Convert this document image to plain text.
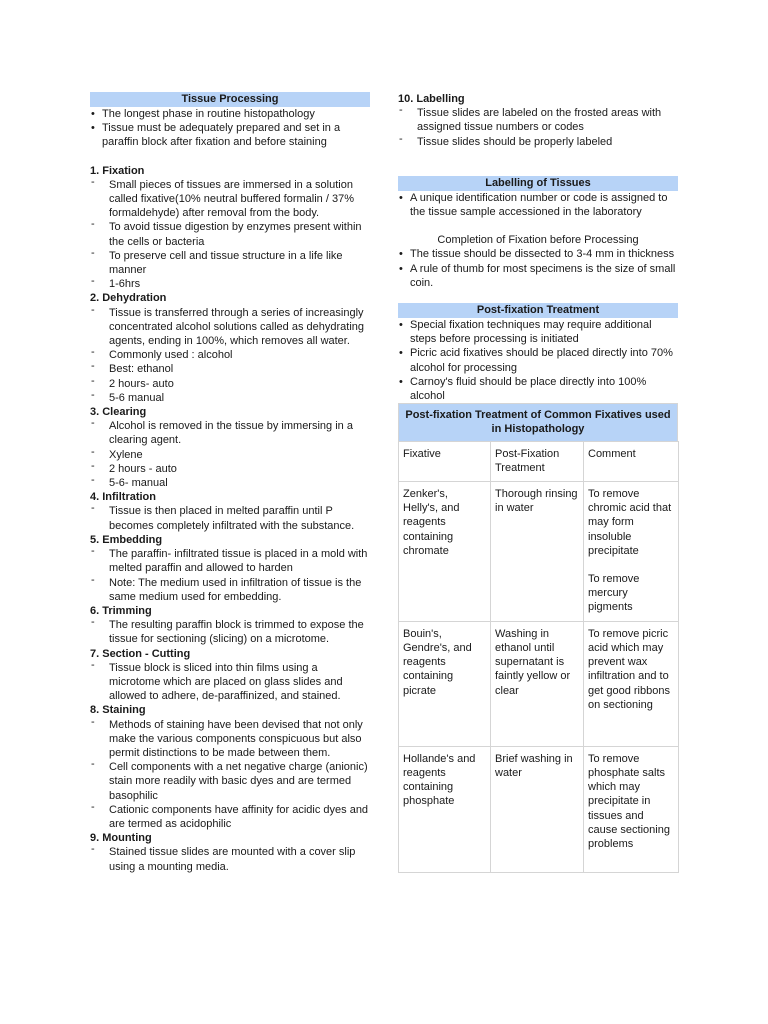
Tissue Processing
• The longest phase in routine histopathology
• Tissue must be adequately prepared and set in a paraffin block after fixation and before staining
1. Fixation
- Small pieces of tissues are immersed in a solution called fixative(10% neutral buffered formalin / 37% formaldehyde) after removal from the body.
- To avoid tissue digestion by enzymes present within the cells or bacteria
- To preserve cell and tissue structure in a life like manner
- 1-6hrs
2. Dehydration
- Tissue is transferred through a series of increasingly concentrated alcohol solutions called as dehydrating agents, ending in 100%, which removes all water.
- Commonly used : alcohol
- Best: ethanol
- 2 hours- auto
- 5-6 manual
3. Clearing
- Alcohol is removed in the tissue by immersing in a clearing agent.
- Xylene
- 2 hours - auto
- 5-6- manual
4. Infiltration
- Tissue is then placed in melted paraffin until P becomes completely infiltrated with the substance.
5. Embedding
- The paraffin- infiltrated tissue is placed in a mold with melted paraffin and allowed to harden
- Note: The medium used in infiltration of tissue is the same medium used for embedding.
6. Trimming
- The resulting paraffin block is trimmed to expose the tissue for sectioning (slicing) on a microtome.
7. Section - Cutting
- Tissue block is sliced into thin films using a microtome which are placed on glass slides and allowed to adhere, de-paraffinized, and stained.
8. Staining
- Methods of staining have been devised that not only make the various components conspicuous but also permit distinctions to be made between them.
- Cell components with a net negative charge (anionic) stain more readily with basic dyes and are termed basophilic
- Cationic components have affinity for acidic dyes and are termed as acidophilic
9. Mounting
- Stained tissue slides are mounted with a cover slip using a mounting media.
10. Labelling
- Tissue slides are labeled on the frosted areas with assigned tissue numbers or codes
- Tissue slides should be properly labeled
Labelling of Tissues
• A unique identification number or code is assigned to the tissue sample accessioned in the laboratory
Completion of Fixation before Processing
• The tissue should be dissected to 3-4 mm in thickness
• A rule of thumb for most specimens is the size of small coin.
Post-fixation Treatment
• Special fixation techniques may require additional steps before processing is initiated
• Picric acid fixatives should be placed directly into 70% alcohol for processing
• Carnoy's fluid should be place directly into 100% alcohol
Post-fixation Treatment of Common Fixatives used in Histopathology
Fixative	Post-Fixation Treatment	Comment
Zenker's, Helly's, and reagents containing chromate	Thorough rinsing in water	To remove chromic acid that may form insoluble precipitate
To remove mercury pigments

Bouin's, Gendre's, and reagents containing picrate	Washing in ethanol until supernatant is faintly yellow or clear	To remove picric acid which may prevent wax infiltration and to get good ribbons on sectioning
Hollande's and reagents containing phosphate	Brief washing in water	To remove phosphate salts which may precipitate in tissues and cause sectioning problems
